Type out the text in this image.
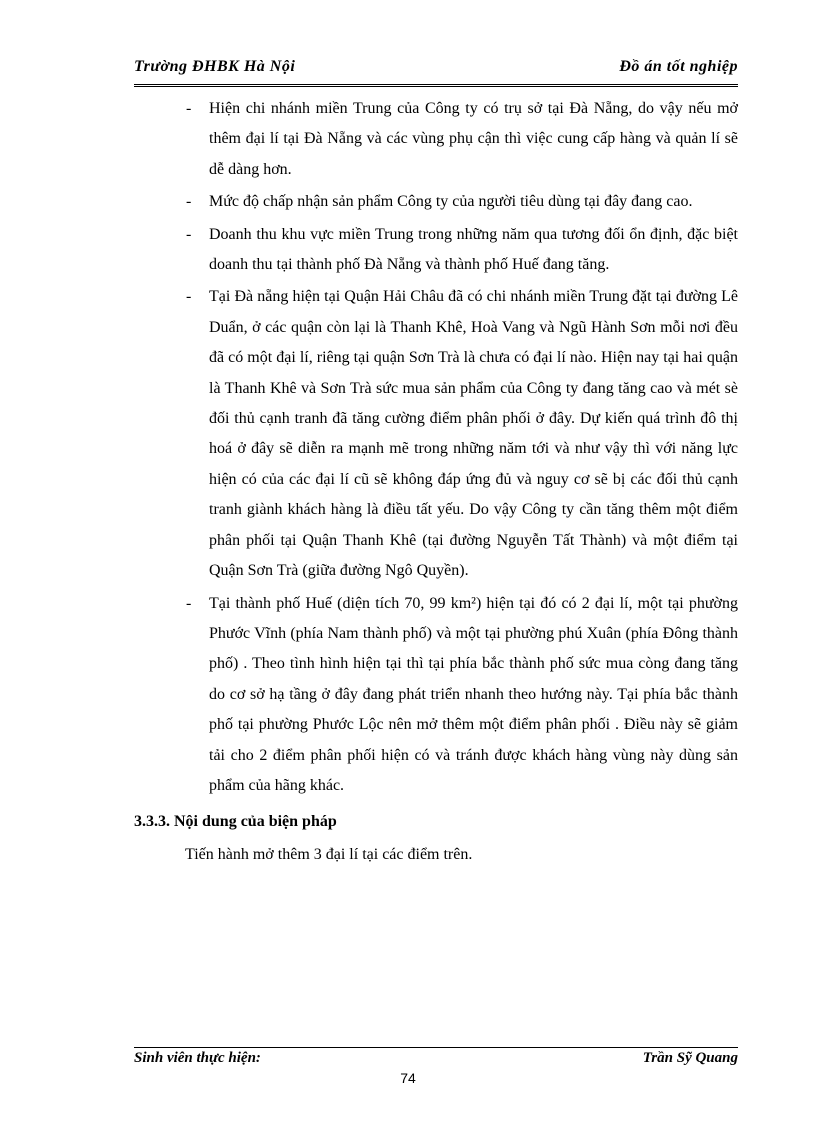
Trường ĐHBK Hà Nội	Đồ án tốt nghiệp
- Hiện chi nhánh miền Trung của Công ty có trụ sở tại Đà Nẵng, do vậy nếu mở thêm đại lí tại Đà Nẵng và các vùng phụ cận thì việc cung cấp hàng và quản lí sẽ dễ dàng hơn.
- Mức độ chấp nhận sản phẩm Công ty của người tiêu dùng tại đây đang cao.
- Doanh thu khu vực miền Trung trong những năm qua tương đối ổn định, đặc biệt doanh thu tại thành phố Đà Nẵng và thành phố Huế đang tăng.
- Tại Đà nẵng hiện tại Quận Hải Châu đã có chi nhánh miền Trung đặt tại đường Lê Duẩn, ở các quận còn lại là Thanh Khê, Hoà Vang và Ngũ Hành Sơn mỗi nơi đều đã có một đại lí, riêng tại quận Sơn Trà là chưa có đại lí nào. Hiện nay tại hai quận là Thanh Khê và Sơn Trà sức mua sản phẩm của Công ty đang tăng cao và mét sè đối thủ cạnh tranh đã tăng cường điểm phân phối ở đây. Dự kiến quá trình đô thị hoá ở đây sẽ diễn ra mạnh mẽ trong những năm tới và như vậy thì với năng lực hiện có của các đại lí cũ sẽ không đáp ứng đủ và nguy cơ sẽ bị các đối thủ cạnh tranh giành khách hàng là điều tất yếu. Do vậy Công ty cần tăng thêm một điểm phân phối tại Quận Thanh Khê (tại đường Nguyễn Tất Thành) và một điểm tại Quận Sơn Trà (giữa đường Ngô Quyền).
- Tại thành phố Huế (diện tích 70, 99 km²) hiện tại đó có 2 đại lí, một tại phường Phước Vĩnh (phía Nam thành phố) và một tại phường phú Xuân (phía Đông thành phố) . Theo tình hình hiện tại thì tại phía bắc thành phố sức mua còng đang tăng do cơ sở hạ tầng ở đây đang phát triển nhanh theo hướng này. Tại phía bắc thành phố tại phường Phước Lộc nên mở thêm một điểm phân phối . Điều này sẽ giảm tải cho 2 điểm phân phối hiện có và tránh được khách hàng vùng này dùng sản phẩm của hãng khác.
3.3.3. Nội dung của biện pháp

Tiến hành mở thêm 3 đại lí tại các điểm trên.

Sinh viên thực hiện:	Trần Sỹ Quang
74
